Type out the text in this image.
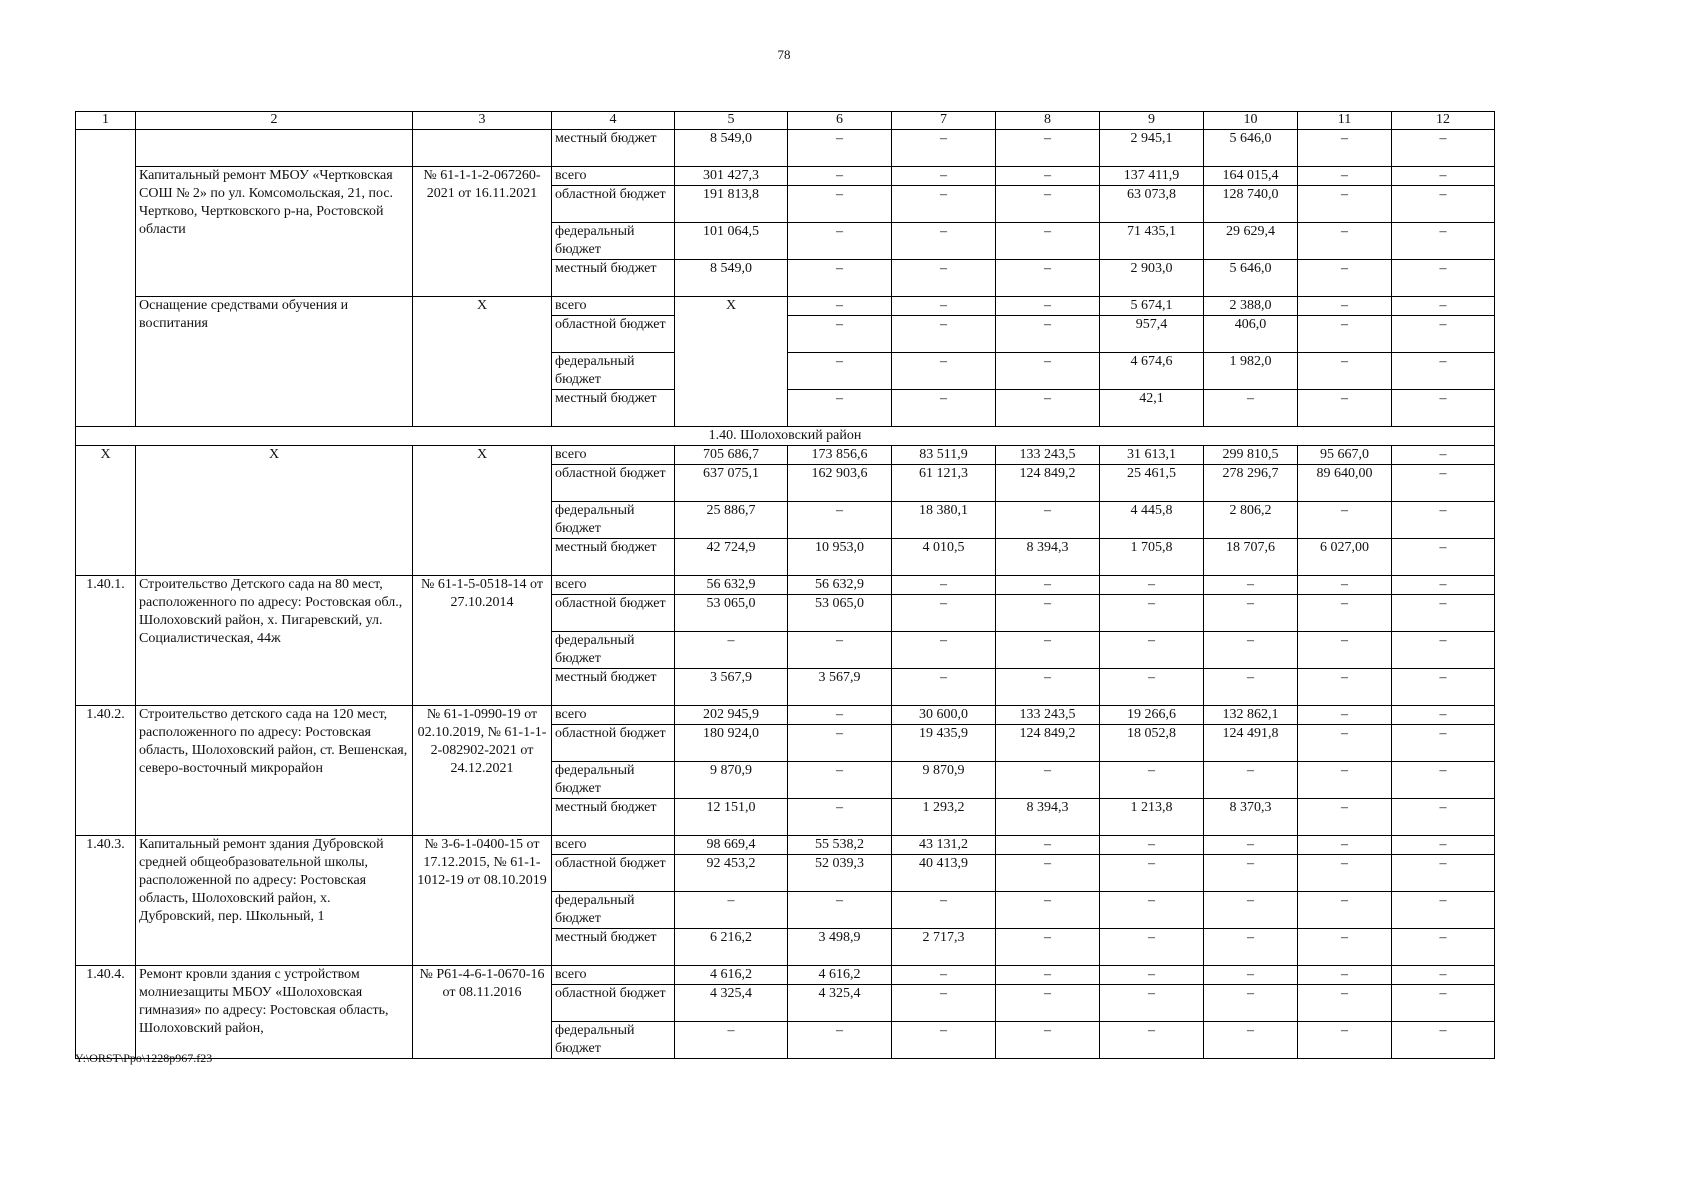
78
1	2	3	4	5	6	7	8	9	10	11	12
			местный бюджет	8 549,0	–	–	–	2 945,1	5 646,0	–	–
	Капитальный ремонт МБОУ «Чертковская СОШ № 2» по ул. Комсомольская, 21, пос. Чертково, Чертковского р-на, Ростовской области	№ 61-1-1-2-067260-2021 от 16.11.2021	всего	301 427,3	–	–	–	137 411,9	164 015,4	–	–
			областной бюджет	191 813,8	–	–	–	63 073,8	128 740,0	–	–
			федеральный бюджет	101 064,5	–	–	–	71 435,1	29 629,4	–	–
			местный бюджет	8 549,0	–	–	–	2 903,0	5 646,0	–	–
	Оснащение средствами обучения и воспитания	X	всего	X	–	–	–	5 674,1	2 388,0	–	–
			областной бюджет		–	–	–	957,4	406,0	–	–
			федеральный бюджет		–	–	–	4 674,6	1 982,0	–	–
			местный бюджет		–	–	–	42,1	–	–	–
1.40. Шолоховский район											
X	X	X	всего	705 686,7	173 856,6	83 511,9	133 243,5	31 613,1	299 810,5	95 667,0	–
			областной бюджет	637 075,1	162 903,6	61 121,3	124 849,2	25 461,5	278 296,7	89 640,00	–
			федеральный бюджет	25 886,7	–	18 380,1	–	4 445,8	2 806,2	–	–
			местный бюджет	42 724,9	10 953,0	4 010,5	8 394,3	1 705,8	18 707,6	6 027,00	–
1.40.1.	Строительство Детского сада на 80 мест, расположенного по адресу: Ростовская обл., Шолоховский район, х. Пигаревский, ул. Социалистическая, 44ж	№ 61-1-5-0518-14 от 27.10.2014	всего	56 632,9	56 632,9	–	–	–	–	–	–
			областной бюджет	53 065,0	53 065,0	–	–	–	–	–	–
			федеральный бюджет	–	–	–	–	–	–	–	–
			местный бюджет	3 567,9	3 567,9	–	–	–	–	–	–
1.40.2.	Строительство детского сада на 120 мест, расположенного по адресу: Ростовская область, Шолоховский район, ст. Вешенская, северо-восточный микрорайон	№ 61-1-0990-19 от 02.10.2019, № 61-1-1-2-082902-2021 от 24.12.2021	всего	202 945,9	–	30 600,0	133 243,5	19 266,6	132 862,1	–	–
			областной бюджет	180 924,0	–	19 435,9	124 849,2	18 052,8	124 491,8	–	–
			федеральный бюджет	9 870,9	–	9 870,9	–	–	–	–	–
			местный бюджет	12 151,0	–	1 293,2	8 394,3	1 213,8	8 370,3	–	–
1.40.3.	Капитальный ремонт здания Дубровской средней общеобразовательной школы, расположенной по адресу: Ростовская область, Шолоховский район, х. Дубровский, пер. Школьный, 1	№ 3-6-1-0400-15 от 17.12.2015, № 61-1-1012-19 от 08.10.2019	всего	98 669,4	55 538,2	43 131,2	–	–	–	–	–
			областной бюджет	92 453,2	52 039,3	40 413,9	–	–	–	–	–
			федеральный бюджет	–	–	–	–	–	–	–	–
			местный бюджет	6 216,2	3 498,9	2 717,3	–	–	–	–	–
1.40.4.	Ремонт кровли здания с устройством молниезащиты МБОУ «Шолоховская гимназия» по адресу: Ростовская область, Шолоховский район,	№ Р61-4-6-1-0670-16 от 08.11.2016	всего	4 616,2	4 616,2	–	–	–	–	–	–
			областной бюджет	4 325,4	4 325,4	–	–	–	–	–	–
			федеральный бюджет	–	–	–	–	–	–	–	–
Y:\ORST\Ppo\1228p967.f23
